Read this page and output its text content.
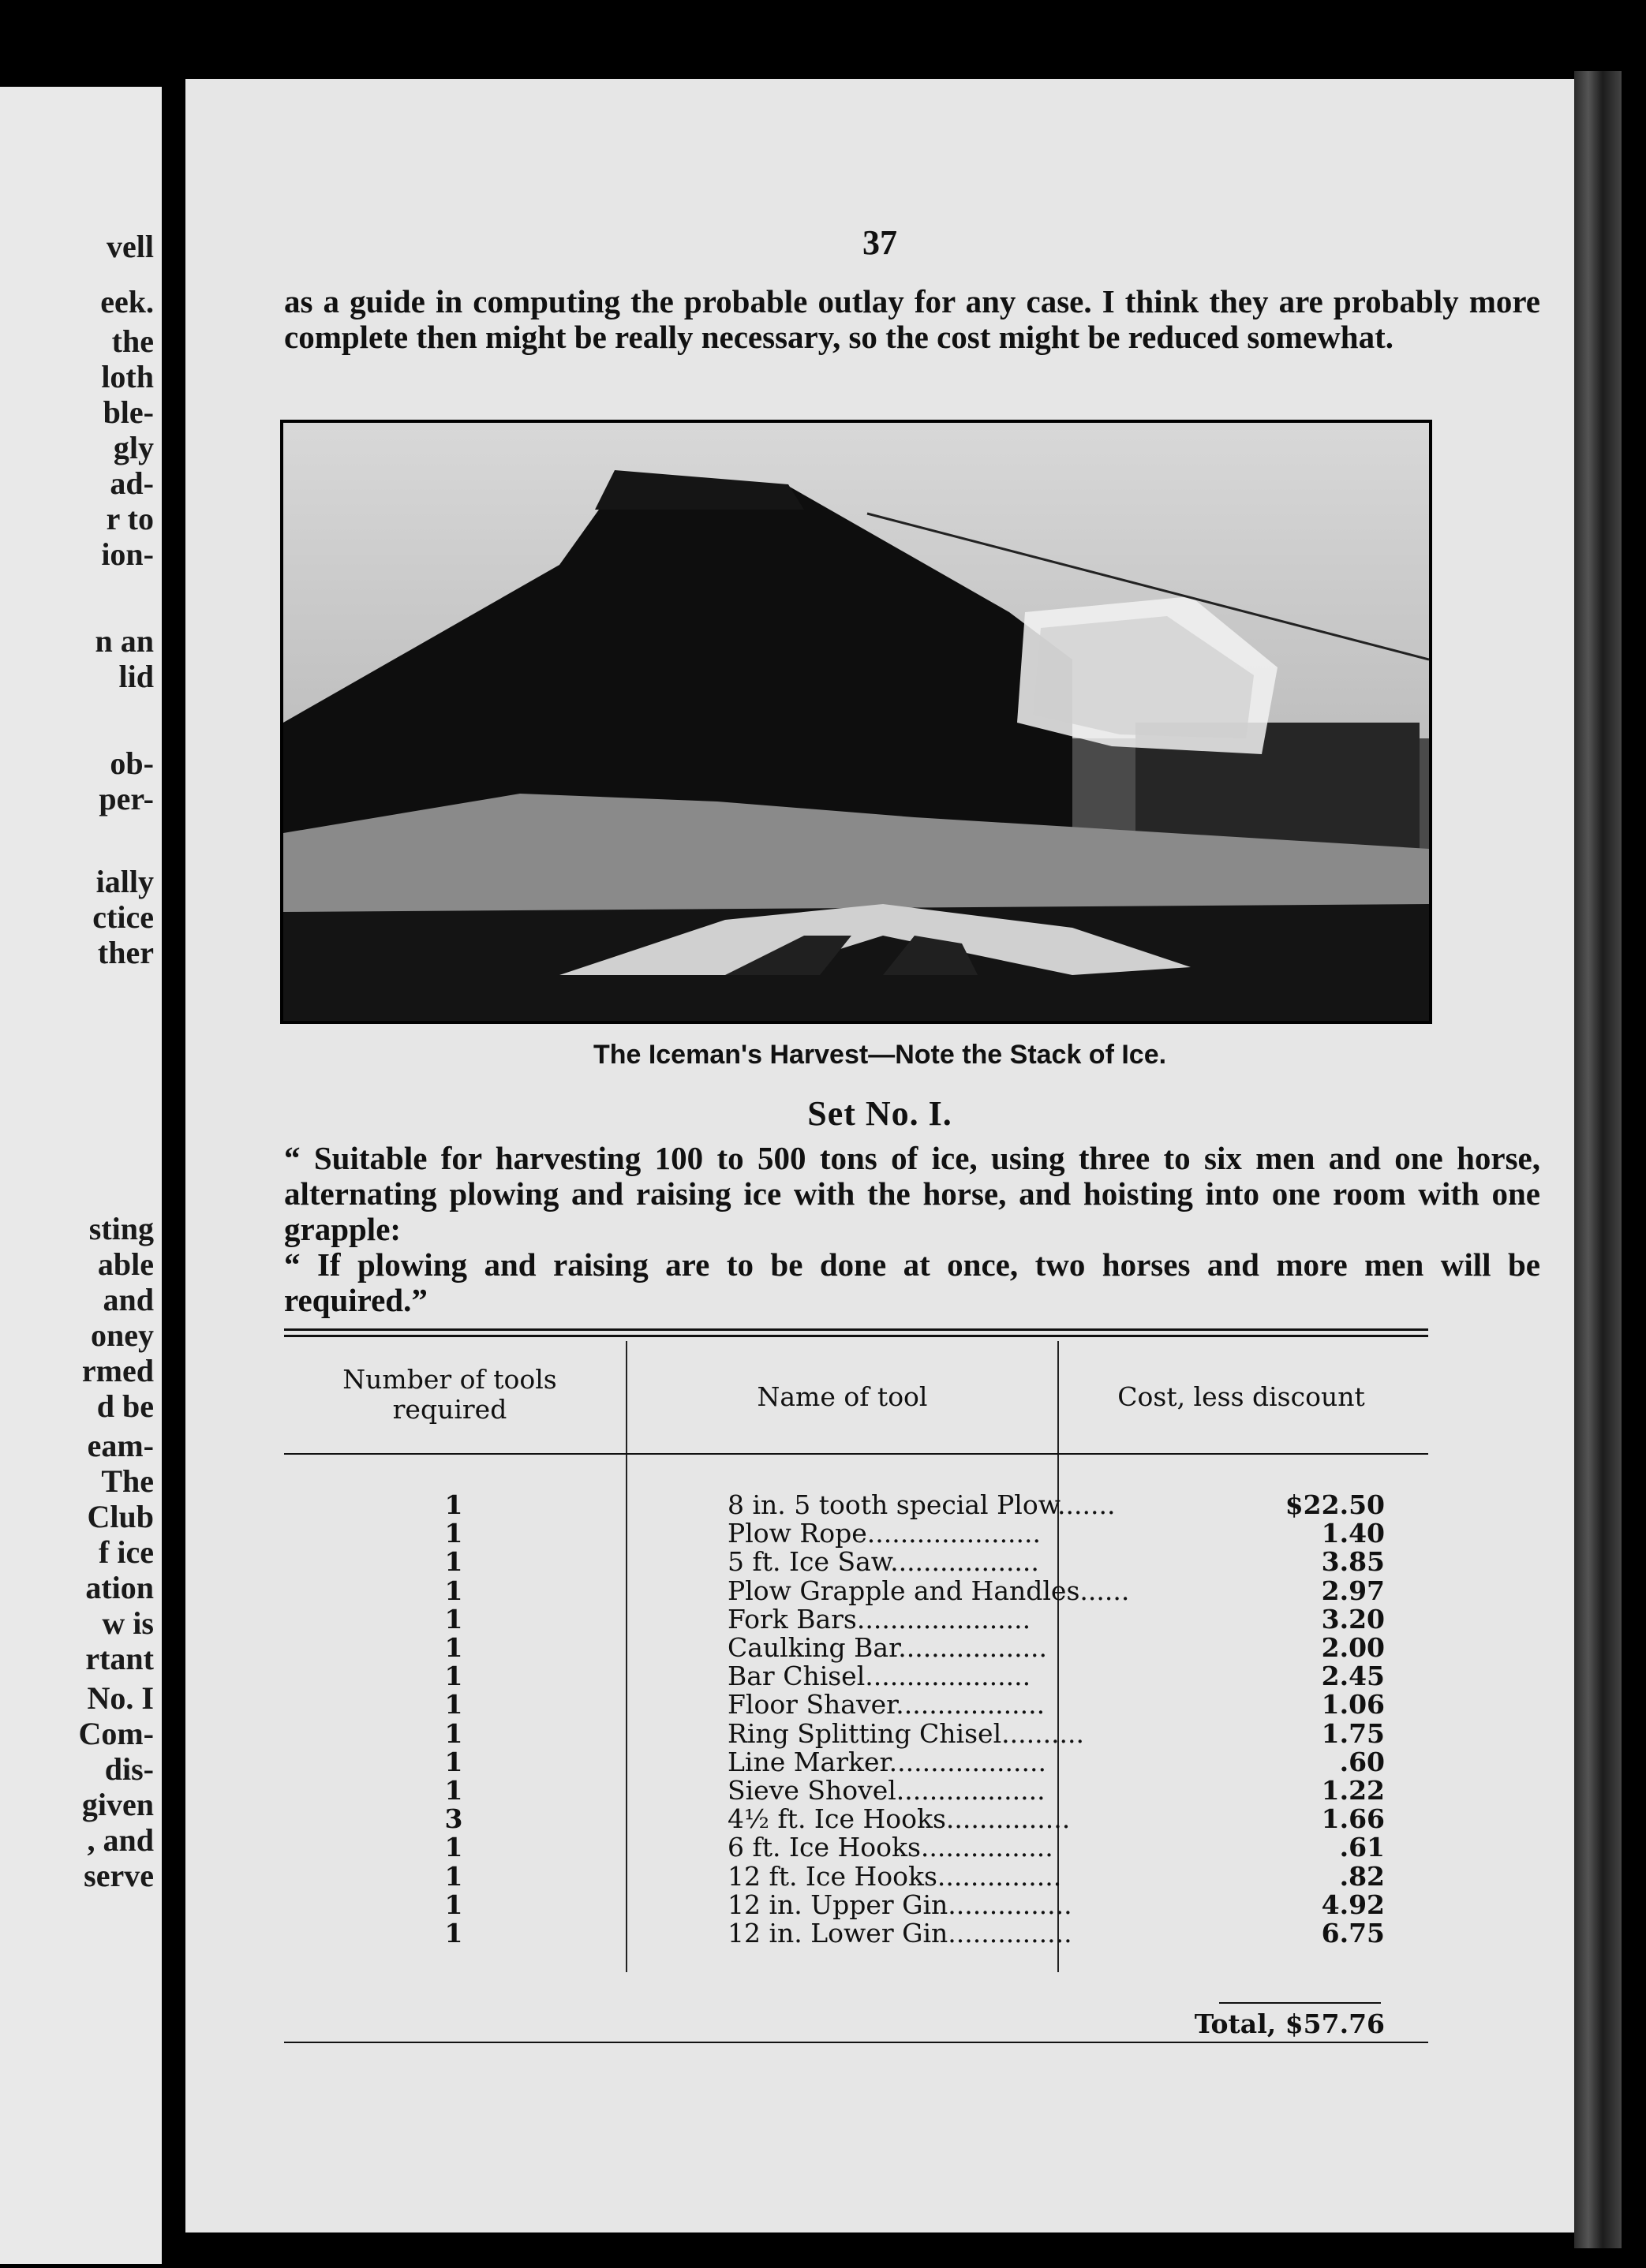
vell
eek.
the
loth
ble-
gly
ad-
r to
ion-
n an
lid
ob-
per-
ially
ctice
ther
sting
able
and
oney
rmed
d be
eam-
The
Club
f ice
ation
w is
rtant
No. I
Com-
dis-
given
, and
serve
37
as a guide in computing the probable outlay for any case. I think they are probably more complete then might be really necessary, so the cost might be reduced somewhat.
The Iceman's Harvest—Note the Stack of Ice.
Set No. I.
“ Suitable for harvesting 100 to 500 tons of ice, using three to six men and one horse, alternating plowing and raising ice with the horse, and hoisting into one room with one grapple:
“ If plowing and raising are to be done at once, two horses and more men will be required.”
Number of tools required	Name of tool	Cost, less discount
1	8 in. 5 tooth special Plow.......	$22.50
1	Plow Rope.....................	1.40
1	5 ft. Ice Saw..................	3.85
1	Plow Grapple and Handles......	2.97
1	Fork Bars.....................	3.20
1	Caulking Bar..................	2.00
1	Bar Chisel....................	2.45
1	Floor Shaver..................	1.06
1	Ring Splitting Chisel..........	1.75
1	Line Marker...................	.60
1	Sieve Shovel..................	1.22
3	4½ ft. Ice Hooks...............	1.66
1	6 ft. Ice Hooks................	.61
1	12 ft. Ice Hooks...............	.82
1	12 in. Upper Gin...............	4.92
1	12 in. Lower Gin...............	6.75
Total, $57.76
